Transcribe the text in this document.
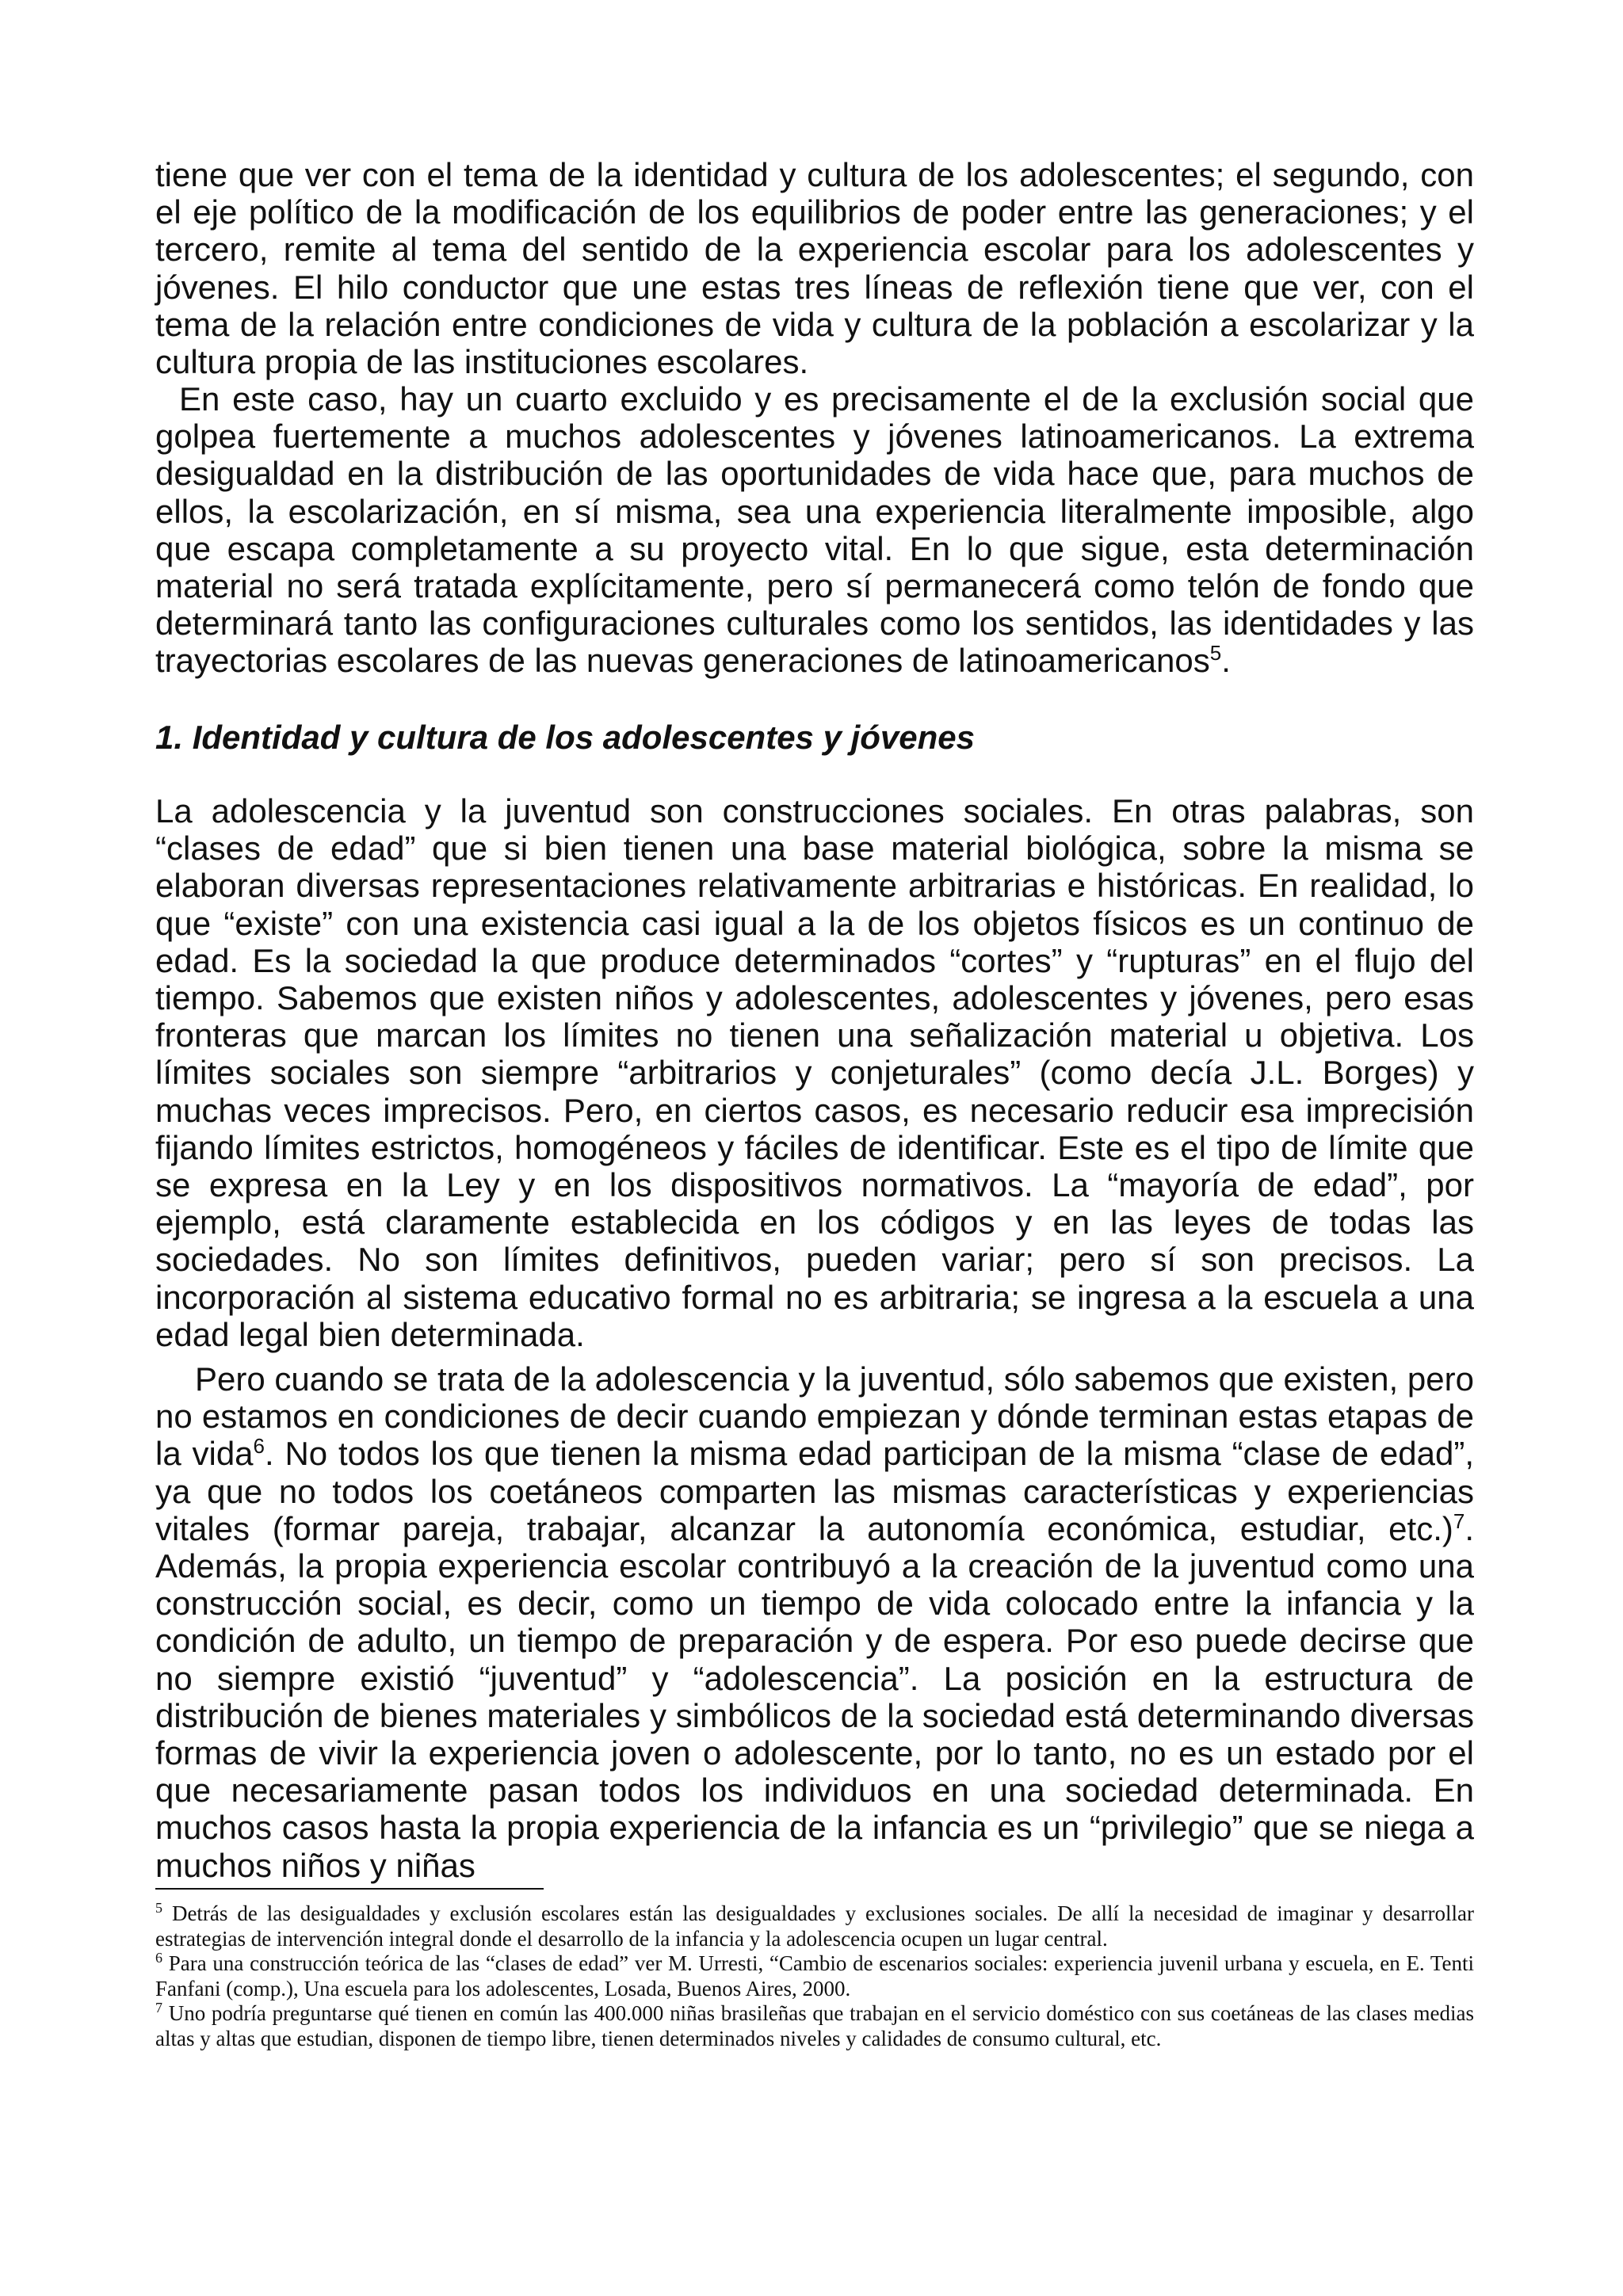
tiene que ver con el tema de la identidad y cultura de los adolescentes; el segundo, con el eje político de la modificación de los equilibrios de poder entre las generaciones; y el tercero, remite al tema del sentido de la experiencia escolar para los adolescentes y jóvenes. El hilo conductor que une estas tres líneas de reflexión tiene que ver, con el tema de la relación entre condiciones de vida y cultura de la población a escolarizar y la cultura propia de las instituciones escolares.

En este caso, hay un cuarto excluido y es precisamente el de la exclusión social que golpea fuertemente a muchos adolescentes y jóvenes latinoamericanos. La extrema desigualdad en la distribución de las oportunidades de vida hace que, para muchos de ellos, la escolarización, en sí misma, sea una experiencia literalmente imposible, algo que escapa completamente a su proyecto vital. En lo que sigue, esta determinación material no será tratada explícitamente, pero sí permanecerá como telón de fondo que determinará tanto las configuraciones culturales como los sentidos, las identidades y las trayectorias escolares de las nuevas generaciones de latinoamericanos$^5$.

1. Identidad y cultura de los adolescentes y jóvenes

La adolescencia y la juventud son construcciones sociales. En otras palabras, son “clases de edad” que si bien tienen una base material biológica, sobre la misma se elaboran diversas representaciones relativamente arbitrarias e históricas. En realidad, lo que “existe” con una existencia casi igual a la de los objetos físicos es un continuo de edad. Es la sociedad la que produce determinados “cortes” y “rupturas” en el flujo del tiempo. Sabemos que existen niños y adolescentes, adolescentes y jóvenes, pero esas fronteras que marcan los límites no tienen una señalización material u objetiva. Los límites sociales son siempre “arbitrarios y conjeturales” (como decía J.L. Borges) y muchas veces imprecisos. Pero, en ciertos casos, es necesario reducir esa imprecisión fijando límites estrictos, homogéneos y fáciles de identificar. Este es el tipo de límite que se expresa en la Ley y en los dispositivos normativos. La “mayoría de edad”, por ejemplo, está claramente establecida en los códigos y en las leyes de todas las sociedades. No son límites definitivos, pueden variar; pero sí son precisos. La incorporación al sistema educativo formal no es arbitraria; se ingresa a la escuela a una edad legal bien determinada.

Pero cuando se trata de la adolescencia y la juventud, sólo sabemos que existen, pero no estamos en condiciones de decir cuando empiezan y dónde terminan estas etapas de la vida$^6$. No todos los que tienen la misma edad participan de la misma “clase de edad”, ya que no todos los coetáneos comparten las mismas características y experiencias vitales (formar pareja, trabajar, alcanzar la autonomía económica, estudiar, etc.)$^7$. Además, la propia experiencia escolar contribuyó a la creación de la juventud como una construcción social, es decir, como un tiempo de vida colocado entre la infancia y la condición de adulto, un tiempo de preparación y de espera. Por eso puede decirse que no siempre existió “juventud” y “adolescencia”. La posición en la estructura de distribución de bienes materiales y simbólicos de la sociedad está determinando diversas formas de vivir la experiencia joven o adolescente, por lo tanto, no es un estado por el que necesariamente pasan todos los individuos en una sociedad determinada. En muchos casos hasta la propia experiencia de la infancia es un “privilegio” que se niega a muchos niños y niñas

$^5$ Detrás de las desigualdades y exclusión escolares están las desigualdades y exclusiones sociales. De allí la necesidad de imaginar y desarrollar estrategias de intervención integral donde el desarrollo de la infancia y la adolescencia ocupen un lugar central.

$^6$ Para una construcción teórica de las “clases de edad” ver M. Urresti, “Cambio de escenarios sociales: experiencia juvenil urbana y escuela, en E. Tenti Fanfani (comp.), Una escuela para los adolescentes, Losada, Buenos Aires, 2000.

$^7$ Uno podría preguntarse qué tienen en común las 400.000 niñas brasileñas que trabajan en el servicio doméstico con sus coetáneas de las clases medias altas y altas que estudian, disponen de tiempo libre, tienen determinados niveles y calidades de consumo cultural, etc.
